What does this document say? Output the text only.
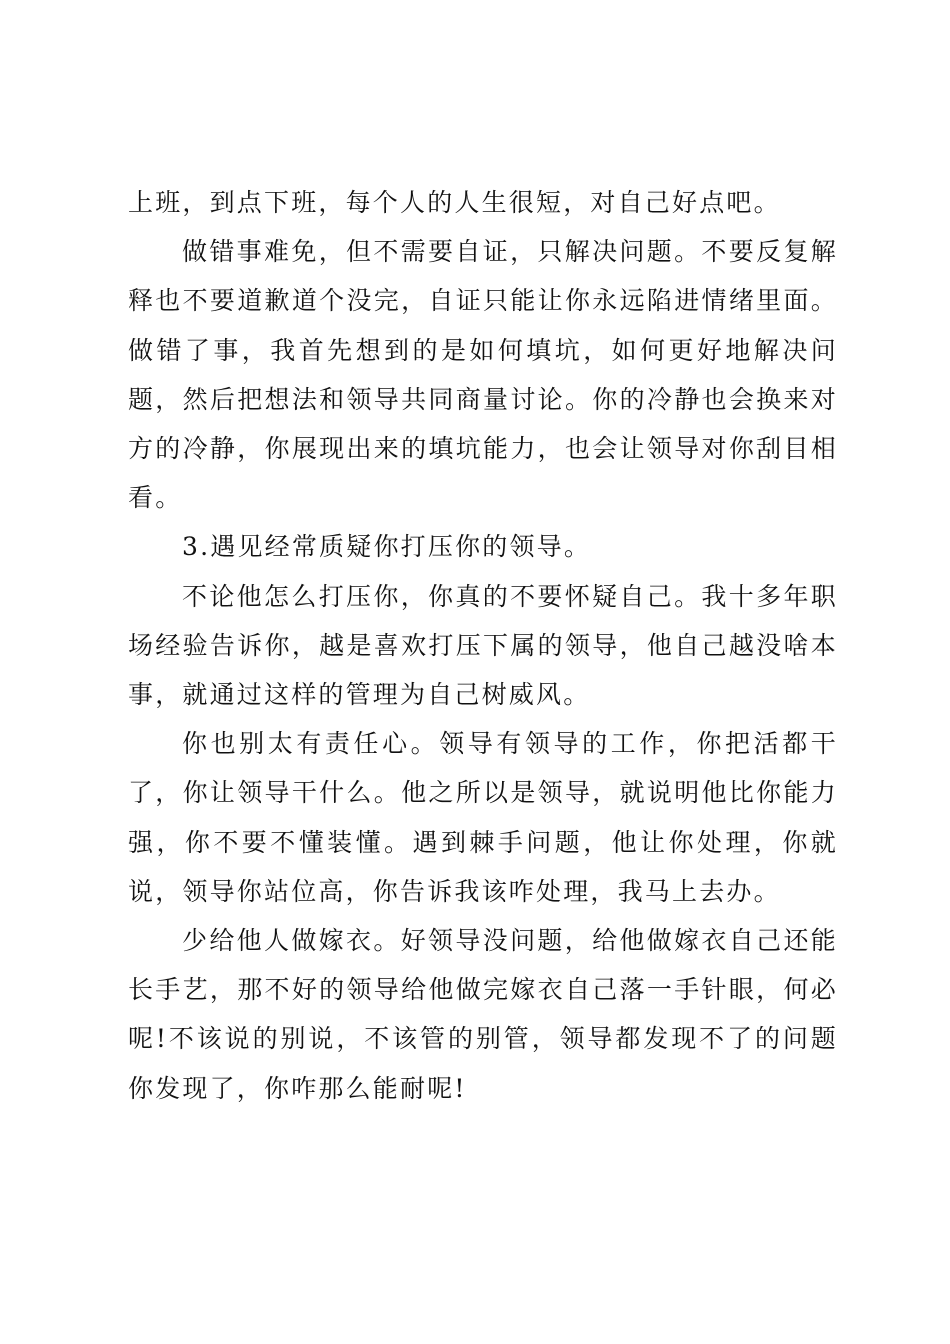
上班，到点下班，每个人的人生很短，对自己好点吧。

做错事难免，但不需要自证，只解决问题。不要反复解释也不要道歉道个没完，自证只能让你永远陷进情绪里面。做错了事，我首先想到的是如何填坑，如何更好地解决问题，然后把想法和领导共同商量讨论。你的冷静也会换来对方的冷静，你展现出来的填坑能力，也会让领导对你刮目相看。

3.遇见经常质疑你打压你的领导。

不论他怎么打压你，你真的不要怀疑自己。我十多年职场经验告诉你，越是喜欢打压下属的领导，他自己越没啥本事，就通过这样的管理为自己树威风。

你也别太有责任心。领导有领导的工作，你把活都干了，你让领导干什么。他之所以是领导，就说明他比你能力强，你不要不懂装懂。遇到棘手问题，他让你处理，你就说，领导你站位高，你告诉我该咋处理，我马上去办。

少给他人做嫁衣。好领导没问题，给他做嫁衣自己还能长手艺，那不好的领导给他做完嫁衣自己落一手针眼，何必呢!不该说的别说，不该管的别管，领导都发现不了的问题你发现了，你咋那么能耐呢!
